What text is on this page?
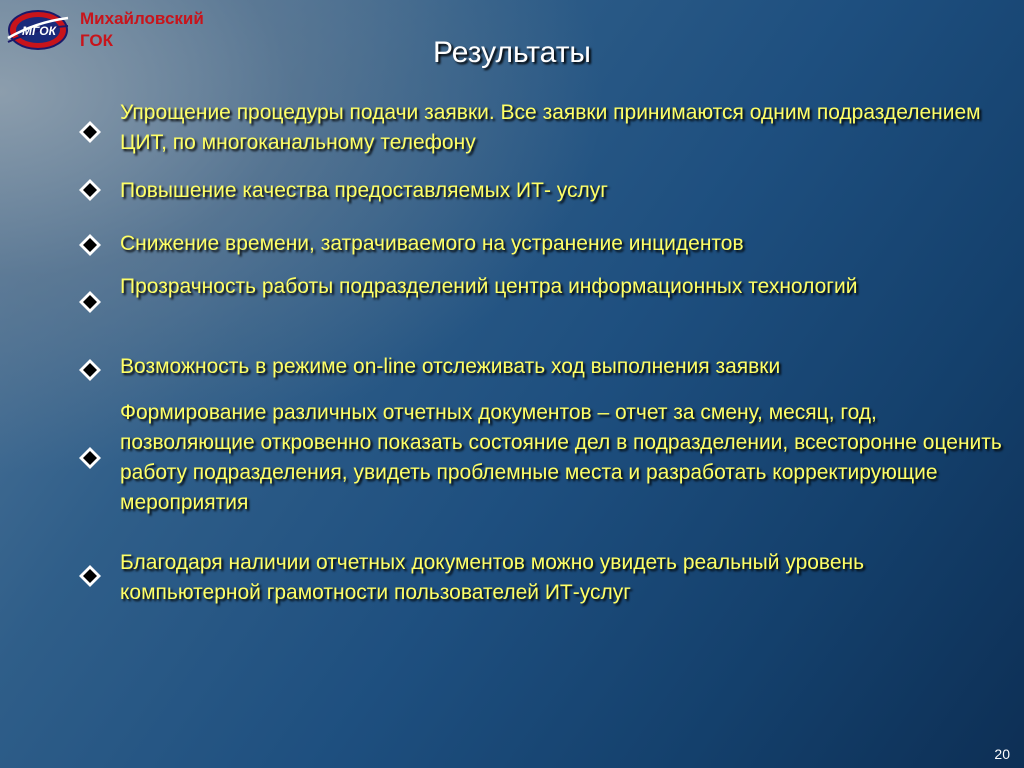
МГОК
Михайловский
ГОК	Результаты
Упрощение процедуры подачи заявки. Все заявки принимаются одним подразделением ЦИТ, по многоканальному телефону
Повышение качества предоставляемых ИТ- услуг
Снижение времени, затрачиваемого на устранение инцидентов
Прозрачность работы подразделений центра информационных технологий
Возможность в режиме on-line отслеживать ход выполнения заявки
Формирование различных отчетных документов – отчет за смену, месяц, год, позволяющие откровенно показать состояние дел в подразделении, всесторонне оценить работу подразделения, увидеть проблемные места и разработать корректирующие мероприятия
Благодаря наличии отчетных документов можно увидеть реальный уровень компьютерной грамотности пользователей ИТ-услуг
20
